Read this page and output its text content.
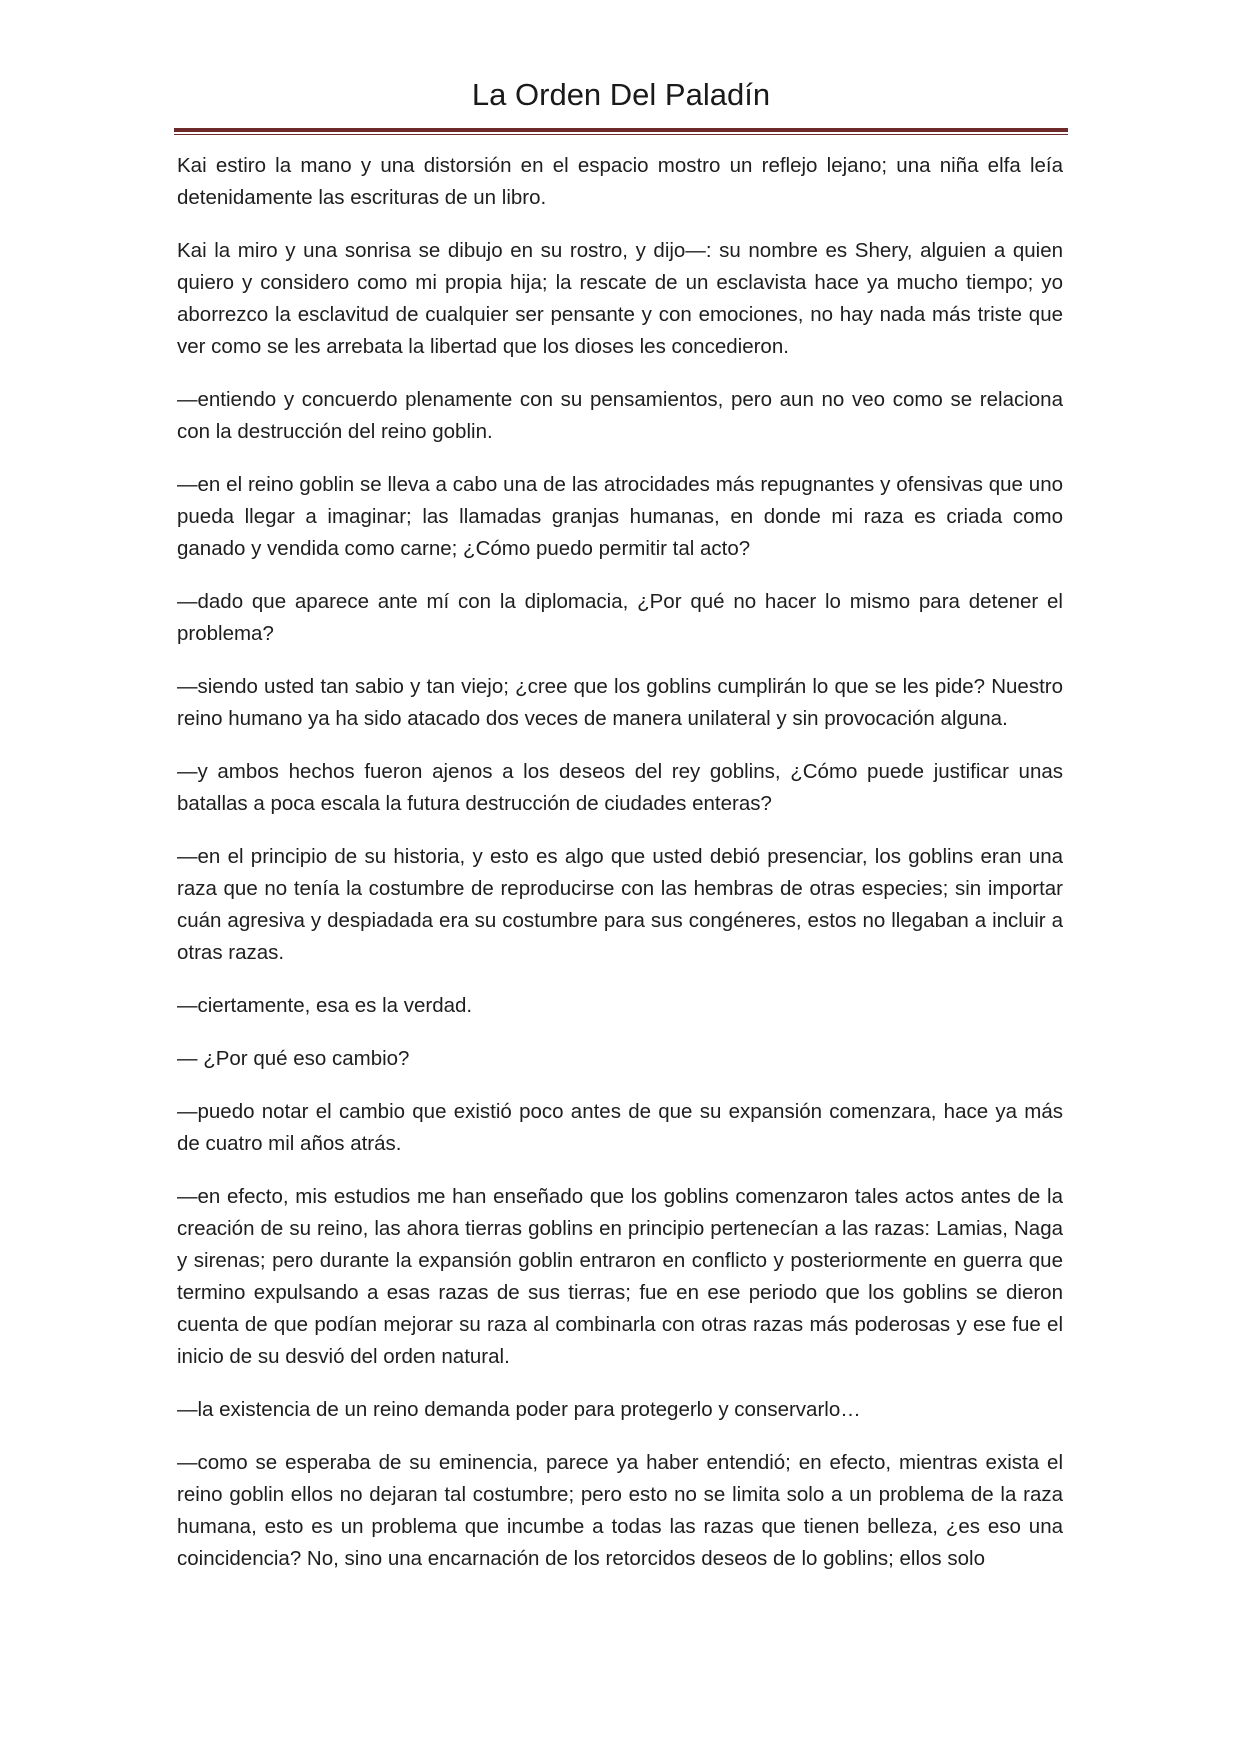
La Orden Del Paladín

Kai estiro la mano y una distorsión en el espacio mostro un reflejo lejano; una niña elfa leía detenidamente las escrituras de un libro.

Kai la miro y una sonrisa se dibujo en su rostro, y dijo—: su nombre es Shery, alguien a quien quiero y considero como mi propia hija; la rescate de un esclavista hace ya mucho tiempo; yo aborrezco la esclavitud de cualquier ser pensante y con emociones, no hay nada más triste que ver como se les arrebata la libertad que los dioses les concedieron.

—entiendo y concuerdo plenamente con su pensamientos, pero aun no veo como se relaciona con la destrucción del reino goblin.

—en el reino goblin se lleva a cabo una de las atrocidades más repugnantes y ofensivas que uno pueda llegar a imaginar; las llamadas granjas humanas, en donde mi raza es criada como ganado y vendida como carne; ¿Cómo puedo permitir tal acto?

—dado que aparece ante mí con la diplomacia, ¿Por qué no hacer lo mismo para detener el problema?

—siendo usted tan sabio y tan viejo; ¿cree que los goblins cumplirán lo que se les pide? Nuestro reino humano ya ha sido atacado dos veces de manera unilateral y sin provocación alguna.

—y ambos hechos fueron ajenos a los deseos del rey goblins, ¿Cómo puede justificar unas batallas a poca escala la futura destrucción de ciudades enteras?

—en el principio de su historia, y esto es algo que usted debió presenciar, los goblins eran una raza que no tenía la costumbre de reproducirse con las hembras de otras especies; sin importar cuán agresiva y despiadada era su costumbre para sus congéneres, estos no llegaban a incluir a otras razas.

—ciertamente, esa es la verdad.

— ¿Por qué eso cambio?

—puedo notar el cambio que existió poco antes de que su expansión comenzara, hace ya más de cuatro mil años atrás.

—en efecto, mis estudios me han enseñado que los goblins comenzaron tales actos antes de la creación de su reino, las ahora tierras goblins en principio pertenecían a las razas: Lamias, Naga y sirenas; pero durante la expansión goblin entraron en conflicto y posteriormente en guerra que termino expulsando a esas razas de sus tierras; fue en ese periodo que los goblins se dieron cuenta de que podían mejorar su raza al combinarla con otras razas más poderosas y ese fue el inicio de su desvió del orden natural.

—la existencia de un reino demanda poder para protegerlo y conservarlo…

—como se esperaba de su eminencia, parece ya haber entendió; en efecto, mientras exista el reino goblin ellos no dejaran tal costumbre; pero esto no se limita solo a un problema de la raza humana, esto es un problema que incumbe a todas las razas que tienen belleza, ¿es eso una coincidencia? No, sino una encarnación de los retorcidos deseos de lo goblins; ellos solo
